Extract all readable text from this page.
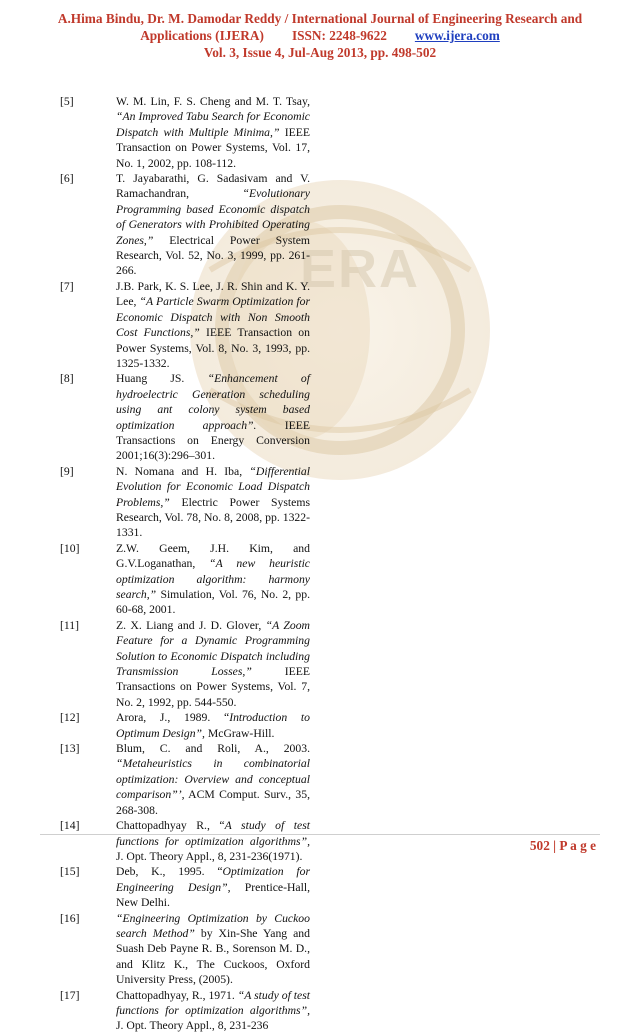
ERA
A.Hima Bindu, Dr. M. Damodar Reddy / International Journal of Engineering Research and
Applications (IJERA) ISSN: 2248-9622 www.ijera.com
Vol. 3, Issue 4, Jul-Aug 2013, pp. 498-502
[5]	W. M. Lin, F. S. Cheng and M. T. Tsay, “An Improved Tabu Search for Economic Dispatch with Multiple Minima,” IEEE Transaction on Power Systems, Vol. 17, No. 1, 2002, pp. 108-112.
[6]	T. Jayabarathi, G. Sadasivam and V. Ramachandran, “Evolutionary Programming based Economic dispatch of Generators with Prohibited Operating Zones,” Electrical Power System Research, Vol. 52, No. 3, 1999, pp. 261- 266.
[7]	J.B. Park, K. S. Lee, J. R. Shin and K. Y. Lee, “A Particle Swarm Optimization for Economic Dispatch with Non Smooth Cost Functions,” IEEE Transaction on Power Systems, Vol. 8, No. 3, 1993, pp. 1325-1332.
[8]	Huang JS. “Enhancement of hydroelectric Generation scheduling using ant colony system based optimization approach”. IEEE Transactions on Energy Conversion 2001;16(3):296–301.
[9]	N. Nomana and H. Iba, “Differential Evolution for Economic Load Dispatch Problems,” Electric Power Systems Research, Vol. 78, No. 8, 2008, pp. 1322-1331.
[10]	Z.W. Geem, J.H. Kim, and G.V.Loganathan, “A new heuristic optimization algorithm: harmony search,” Simulation, Vol. 76, No. 2, pp. 60-68, 2001.
[11]	Z. X. Liang and J. D. Glover, “A Zoom Feature for a Dynamic Programming Solution to Economic Dispatch including Transmission Losses,” IEEE Transactions on Power Systems, Vol. 7, No. 2, 1992, pp. 544-550.
[12]	Arora, J., 1989. “Introduction to Optimum Design”, McGraw-Hill.
[13]	Blum, C. and Roli, A., 2003. “Metaheuristics in combinatorial optimization: Overview and conceptual comparison”’, ACM Comput. Surv., 35, 268-308.
[14]	Chattopadhyay R., “A study of test functions for optimization algorithms”, J. Opt. Theory Appl., 8, 231-236(1971).
[15]	Deb, K., 1995. “Optimization for Engineering Design”, Prentice-Hall, New Delhi.
[16]	“Engineering Optimization by Cuckoo search Method” by Xin-She Yang and Suash Deb Payne R. B., Sorenson M. D., and Klitz K., The Cuckoos, Oxford University Press, (2005).
[17]	Chattopadhyay, R., 1971. “A study of test functions for optimization algorithms”, J. Opt. Theory Appl., 8, 231-236
502 | P a g e
